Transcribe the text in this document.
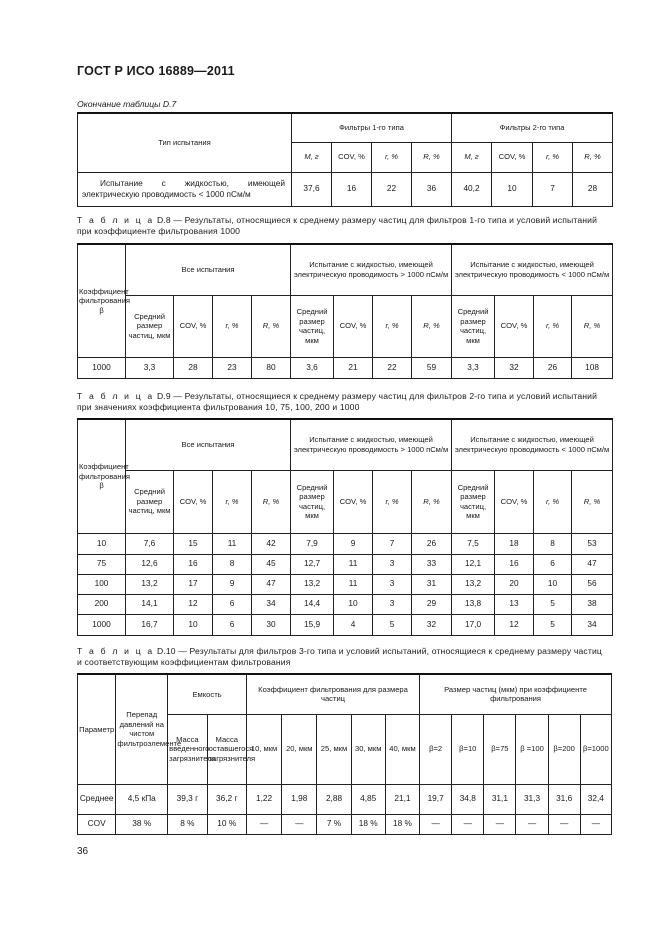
ГОСТ Р ИСО 16889—2011
Окончание таблицы D.7
Тип испытания	Фильтры 1-го типа				Фильтры 2-го типа			
	M, г	COV, %	r, %	R, %	M, г	COV, %	r, %	R, %
Испытание с жидкостью, имеющей электрическую проводимость < 1000 пСм/м	37,6	16	22	36	40,2	10	7	28
Т а б л и ц а D.8 — Результаты, относящиеся к среднему размеру частиц для фильтров 1-го типа и условий испытаний при коэффициенте фильтрования 1000
Коэффициент фильтрования β	Все испытания				Испытание с жидкостью, имеющей электрическую проводимость > 1000 пСм/м				Испытание с жидкостью, имеющей электрическую проводимость < 1000 пСм/м			
	Средний размер частиц, мкм	COV, %	r, %	R, %	Средний размер частиц, мкм	COV, %	r, %	R, %	Средний размер частиц, мкм	COV, %	r, %	R, %
1000	3,3	28	23	80	3,6	21	22	59	3,3	32	26	108
Т а б л и ц а D.9 — Результаты, относящиеся к среднему размеру частиц для фильтров 2-го типа и условий испытаний при значениях коэффициента фильтрования 10, 75, 100, 200 и 1000
Коэффициент фильтрования β	Все испытания				Испытание с жидкостью, имеющей электрическую проводимость > 1000 пСм/м				Испытание с жидкостью, имеющей электрическую проводимость < 1000 пСм/м			
	Средний размер частиц, мкм	COV, %	r, %	R, %	Средний размер частиц, мкм	COV, %	r, %	R, %	Средний размер частиц, мкм	COV, %	r, %	R, %
10	7,6	15	11	42	7,9	9	7	26	7,5	18	8	53
75	12,6	16	8	45	12,7	11	3	33	12,1	16	6	47
100	13,2	17	9	47	13,2	11	3	31	13,2	20	10	56
200	14,1	12	6	34	14,4	10	3	29	13,8	13	5	38
1000	16,7	10	6	30	15,9	4	5	32	17,0	12	5	34
Т а б л и ц а D.10 — Результаты для фильтров 3-го типа и условий испытаний, относящиеся к среднему размеру частиц и соответствующим коэффициентам фильтрования
Параметр	Перепад давлений на чистом фильтроэлементе	Емкость		Коэффициент фильтрования для размера частиц					Размер частиц (мкм) при коэффициенте фильтрования					
		Масса введенного загрязнителя	Масса оставшегося загрязнителя	10, мкм	20, мкм	25, мкм	30, мкм	40, мкм	β=2	β=10	β=75	β =100	β=200	β=1000
Среднее	4,5 кПа	39,3 г	36,2 г	1,22	1,98	2,88	4,85	21,1	19,7	34,8	31,1	31,3	31,6	32,4
COV	38 %	8 %	10 %	—	—	7 %	18 %	18 %	—	—	—	—	—	—
36
